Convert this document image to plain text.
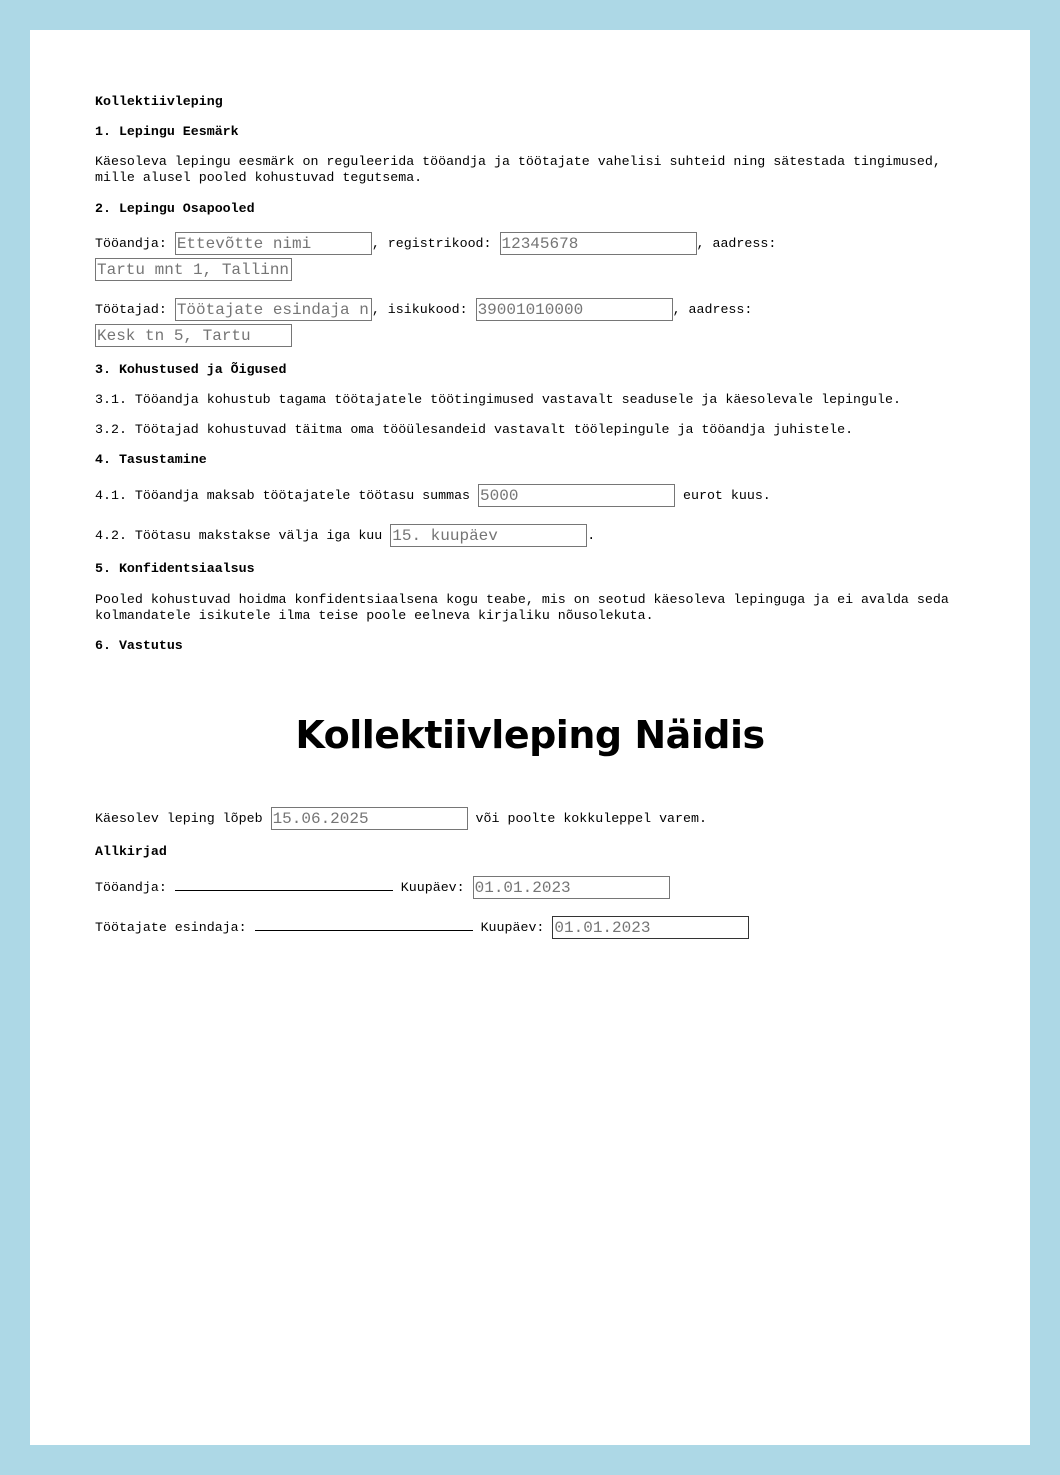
Kollektiivleping
1. Lepingu Eesmärk
Käesoleva lepingu eesmärk on reguleerida tööandja ja töötajate vahelisi suhteid ning sätestada tingimused, mille alusel pooled kohustuvad tegutsema.
2. Lepingu Osapooled
Tööandja: Ettevõtte nimi	, registrikood: 12345678	, aadress:
Tartu mnt 1, Tallinn
Töötajad: Töötajate esindaja nimi	, isikukood: 39001010000	, aadress:
Kesk tn 5, Tartu
3. Kohustused ja Õigused
3.1. Tööandja kohustub tagama töötajatele töötingimused vastavalt seadusele ja käesolevale lepingule.
3.2. Töötajad kohustuvad täitma oma tööülesandeid vastavalt töölepingule ja tööandja juhistele.
4. Tasustamine
4.1. Tööandja maksab töötajatele töötasu summas 5000	eurot kuus.
4.2. Töötasu makstakse välja iga kuu 15. kuupäev	.
5. Konfidentsiaalsus
Pooled kohustuvad hoidma konfidentsiaalsena kogu teabe, mis on seotud käesoleva lepinguga ja ei avalda seda kolmandatele isikutele ilma teise poole eelneva kirjaliku nõusolekuta.
6. Vastutus
Käesolev leping lõpeb 15.06.2025	või poolte kokkuleppel varem.
Allkirjad
Tööandja:	Kuupäev: 01.01.2023
Töötajate esindaja:	Kuupäev: 01.01.2023
Kollektiivleping Näidis
